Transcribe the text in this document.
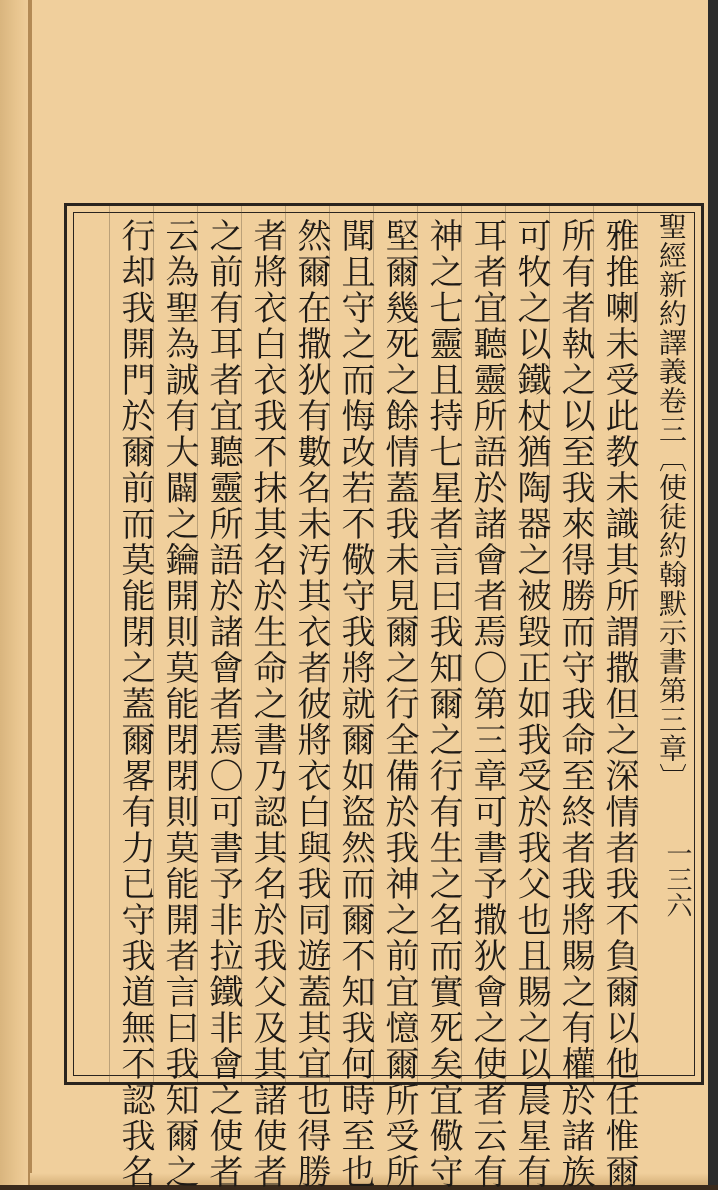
聖經新約譯義卷三〔使徒約翰默示書第三章〕
雅推喇未受此教未識其所謂撒但之深情者我不負爾以他任惟爾
所有者執之以至我來得勝而守我命至終者我將賜之有權於諸族
可牧之以鐵杖猶陶器之被毀正如我受於我父也且賜之以晨星有
耳者宜聽靈所語於諸會者焉〇第三章可書予撒狄會之使者云有
神之七靈且持七星者言曰我知爾之行有生之名而實死矣宜儆守
堅爾幾死之餘情蓋我未見爾之行全備於我神之前宜憶爾所受所
聞且守之而悔改若不儆守我將就爾如盜然而爾不知我何時至也
然爾在撒狄有數名未汚其衣者彼將衣白與我同遊蓋其宜也得勝
者將衣白衣我不抹其名於生命之書乃認其名於我父及其諸使者
之前有耳者宜聽靈所語於諸會者焉〇可書予非拉鐵非會之使者
云為聖為誠有大闢之鑰開則莫能閉閉則莫能開者言曰我知爾之
行却我開門於爾前而莫能閉之蓋爾畧有力已守我道無不認我名	一三六
